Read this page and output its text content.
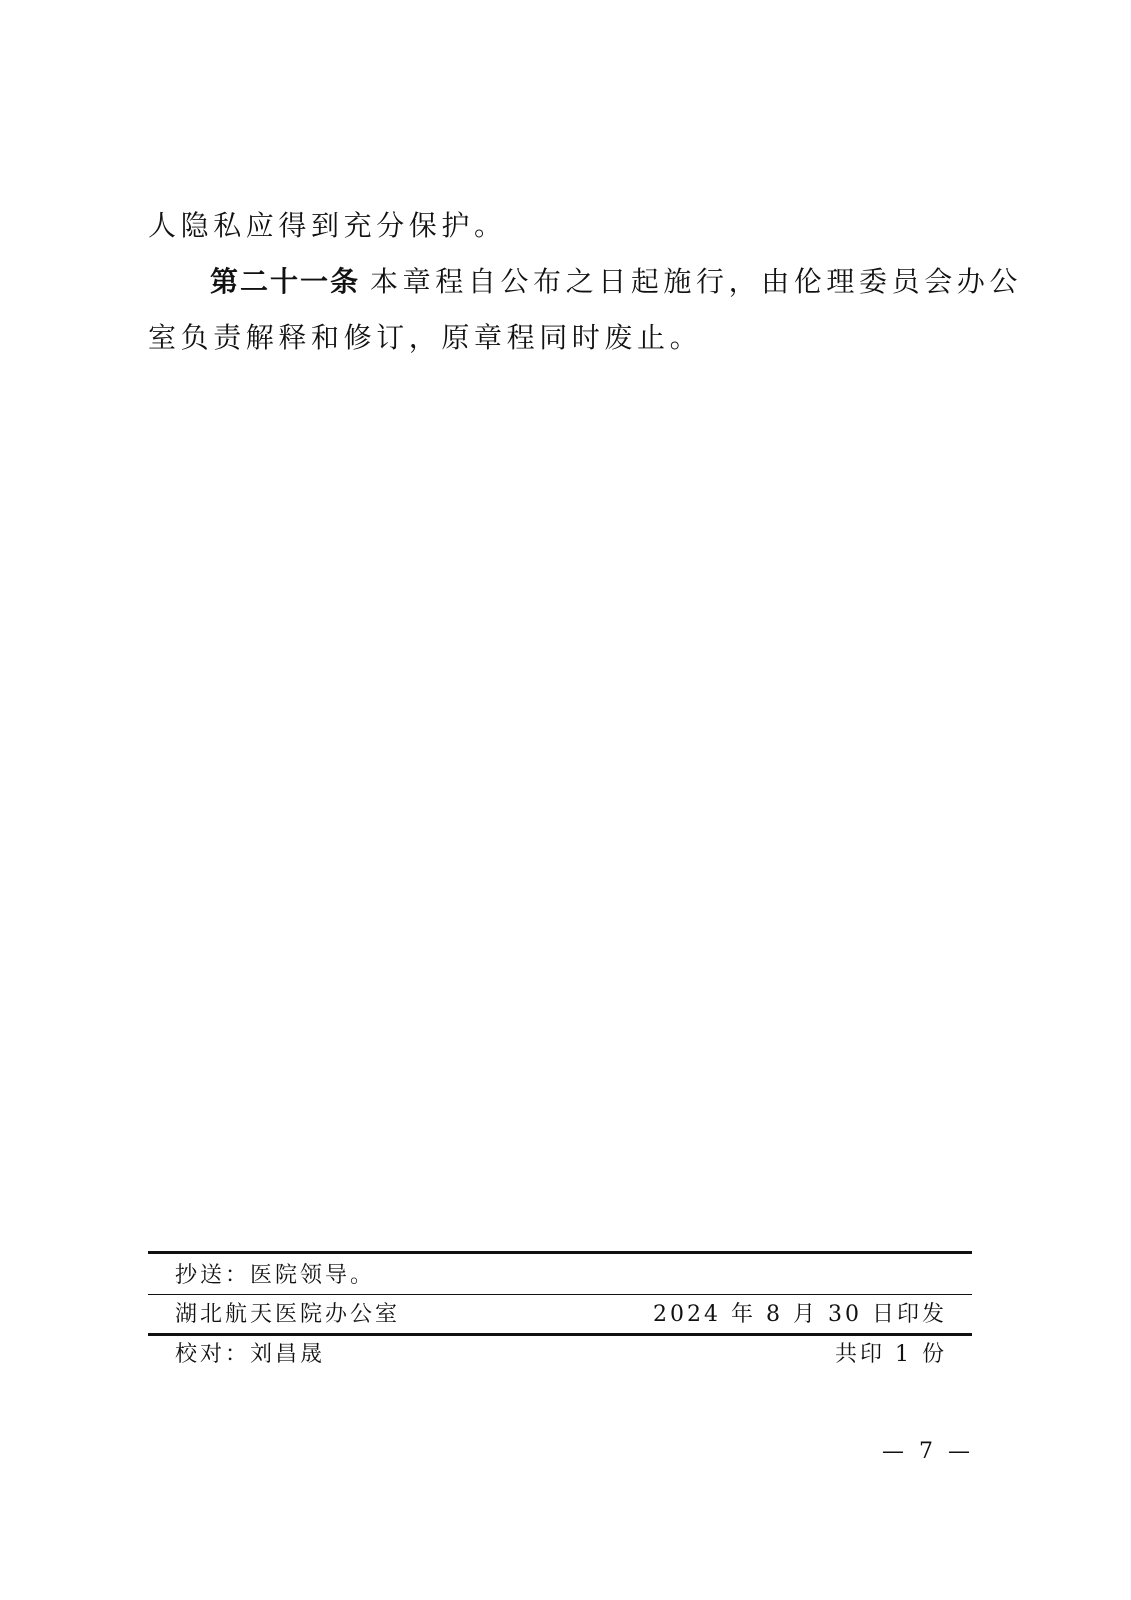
人隐私应得到充分保护。
第二十一条 本章程自公布之日起施行，由伦理委员会办公
室负责解释和修订，原章程同时废止。
抄送：医院领导。
湖北航天医院办公室	2024 年 8 月 30 日印发
校对：刘昌晟	共印 1 份
— 7 —
